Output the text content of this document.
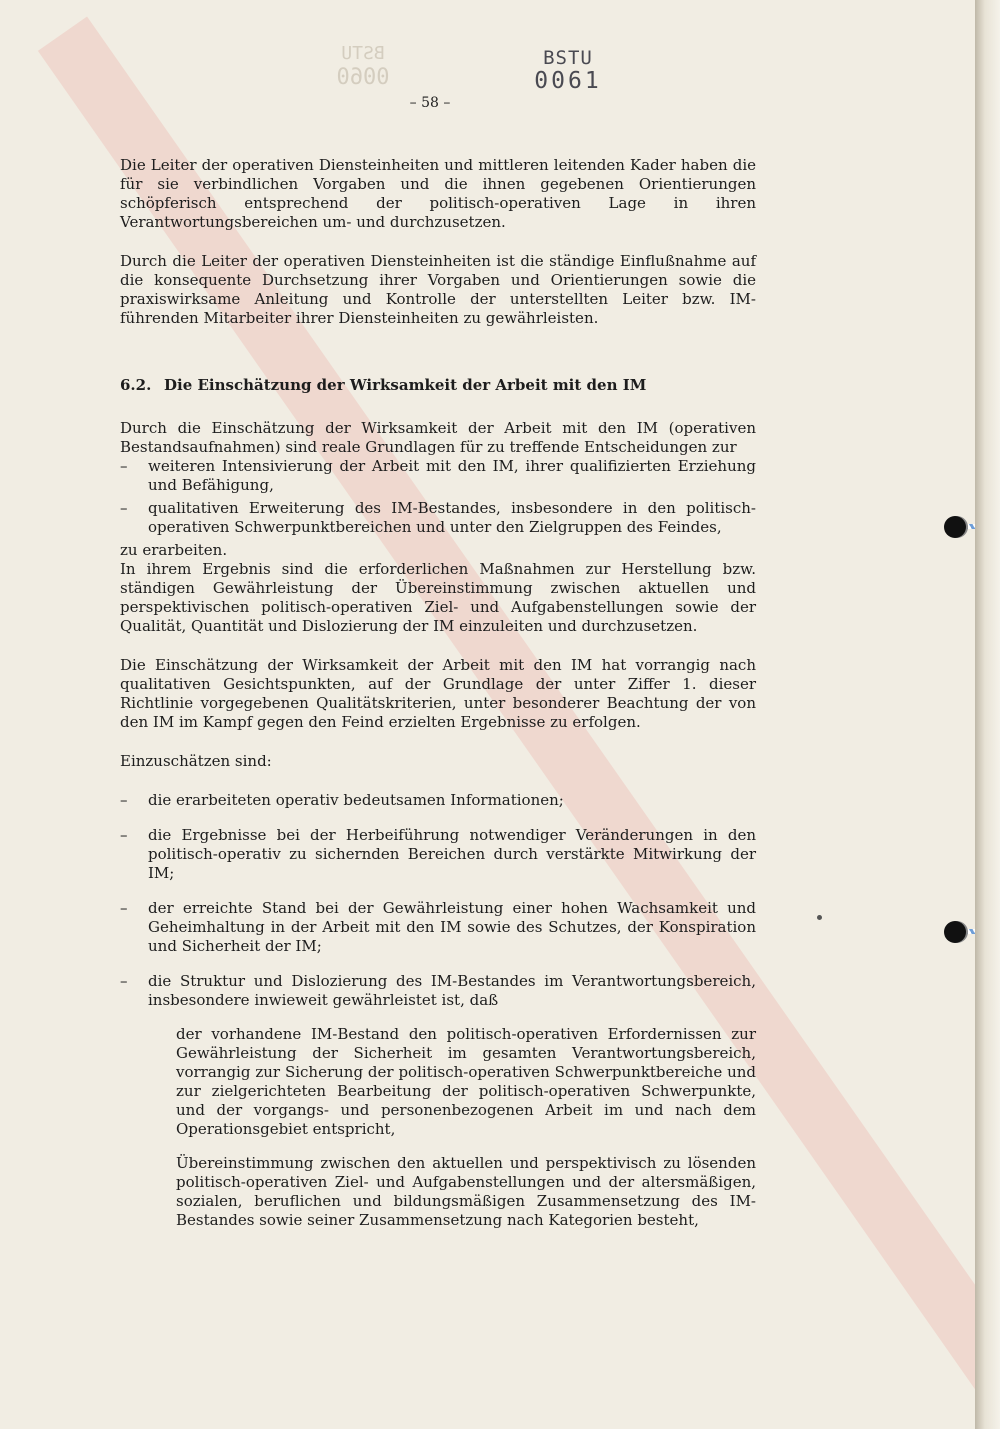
BSTU
0060
BSTU
0061
– 58 –

Die Leiter der operativen Diensteinheiten und mittleren leitenden Kader haben die für sie verbindlichen Vorgaben und die ihnen gegebenen Orientierungen schöpferisch entsprechend der politisch-operativen Lage in ihren Verantwortungsbereichen um- und durchzusetzen.

Durch die Leiter der operativen Diensteinheiten ist die ständige Einflußnahme auf die konsequente Durchsetzung ihrer Vorgaben und Orientierungen sowie die praxiswirksame Anleitung und Kontrolle der unterstellten Leiter bzw. IM-führenden Mitarbeiter ihrer Diensteinheiten zu gewährleisten.

6.2. Die Einschätzung der Wirksamkeit der Arbeit mit den IM

Durch die Einschätzung der Wirksamkeit der Arbeit mit den IM (operativen Bestandsaufnahmen) sind reale Grundlagen für zu treffende Entscheidungen zur

– weiteren Intensivierung der Arbeit mit den IM, ihrer qualifizierten Erziehung und Befähigung,
– qualitativen Erweiterung des IM-Bestandes, insbesondere in den politisch-operativen Schwerpunktbereichen und unter den Zielgruppen des Feindes,

zu erarbeiten.

In ihrem Ergebnis sind die erforderlichen Maßnahmen zur Herstellung bzw. ständigen Gewährleistung der Übereinstimmung zwischen aktuellen und perspektivischen politisch-operativen Ziel- und Aufgabenstellungen sowie der Qualität, Quantität und Dislozierung der IM einzuleiten und durchzusetzen.

Die Einschätzung der Wirksamkeit der Arbeit mit den IM hat vorrangig nach qualitativen Gesichtspunkten, auf der Grundlage der unter Ziffer 1. dieser Richtlinie vorgegebenen Qualitätskriterien, unter besonderer Beachtung der von den IM im Kampf gegen den Feind erzielten Ergebnisse zu erfolgen.

Einzuschätzen sind:

– die erarbeiteten operativ bedeutsamen Informationen;
– die Ergebnisse bei der Herbeiführung notwendiger Veränderungen in den politisch-operativ zu sichernden Bereichen durch verstärkte Mitwirkung der IM;
– der erreichte Stand bei der Gewährleistung einer hohen Wachsamkeit und Geheimhaltung in der Arbeit mit den IM sowie des Schutzes, der Konspiration und Sicherheit der IM;
– die Struktur und Dislozierung des IM-Bestandes im Verantwortungsbereich, insbesondere inwieweit gewährleistet ist, daß

der vorhandene IM-Bestand den politisch-operativen Erfordernissen zur Gewährleistung der Sicherheit im gesamten Verantwortungsbereich, vorrangig zur Sicherung der politisch-operativen Schwerpunktbereiche und zur zielgerichteten Bearbeitung der politisch-operativen Schwerpunkte, und der vorgangs- und personenbezogenen Arbeit im und nach dem Operationsgebiet entspricht,

Übereinstimmung zwischen den aktuellen und perspektivisch zu lösenden politisch-operativen Ziel- und Aufgabenstellungen und der altersmäßigen, sozialen, beruflichen und bildungsmäßigen Zusammensetzung des IM-Bestandes sowie seiner Zusammensetzung nach Kategorien besteht,
